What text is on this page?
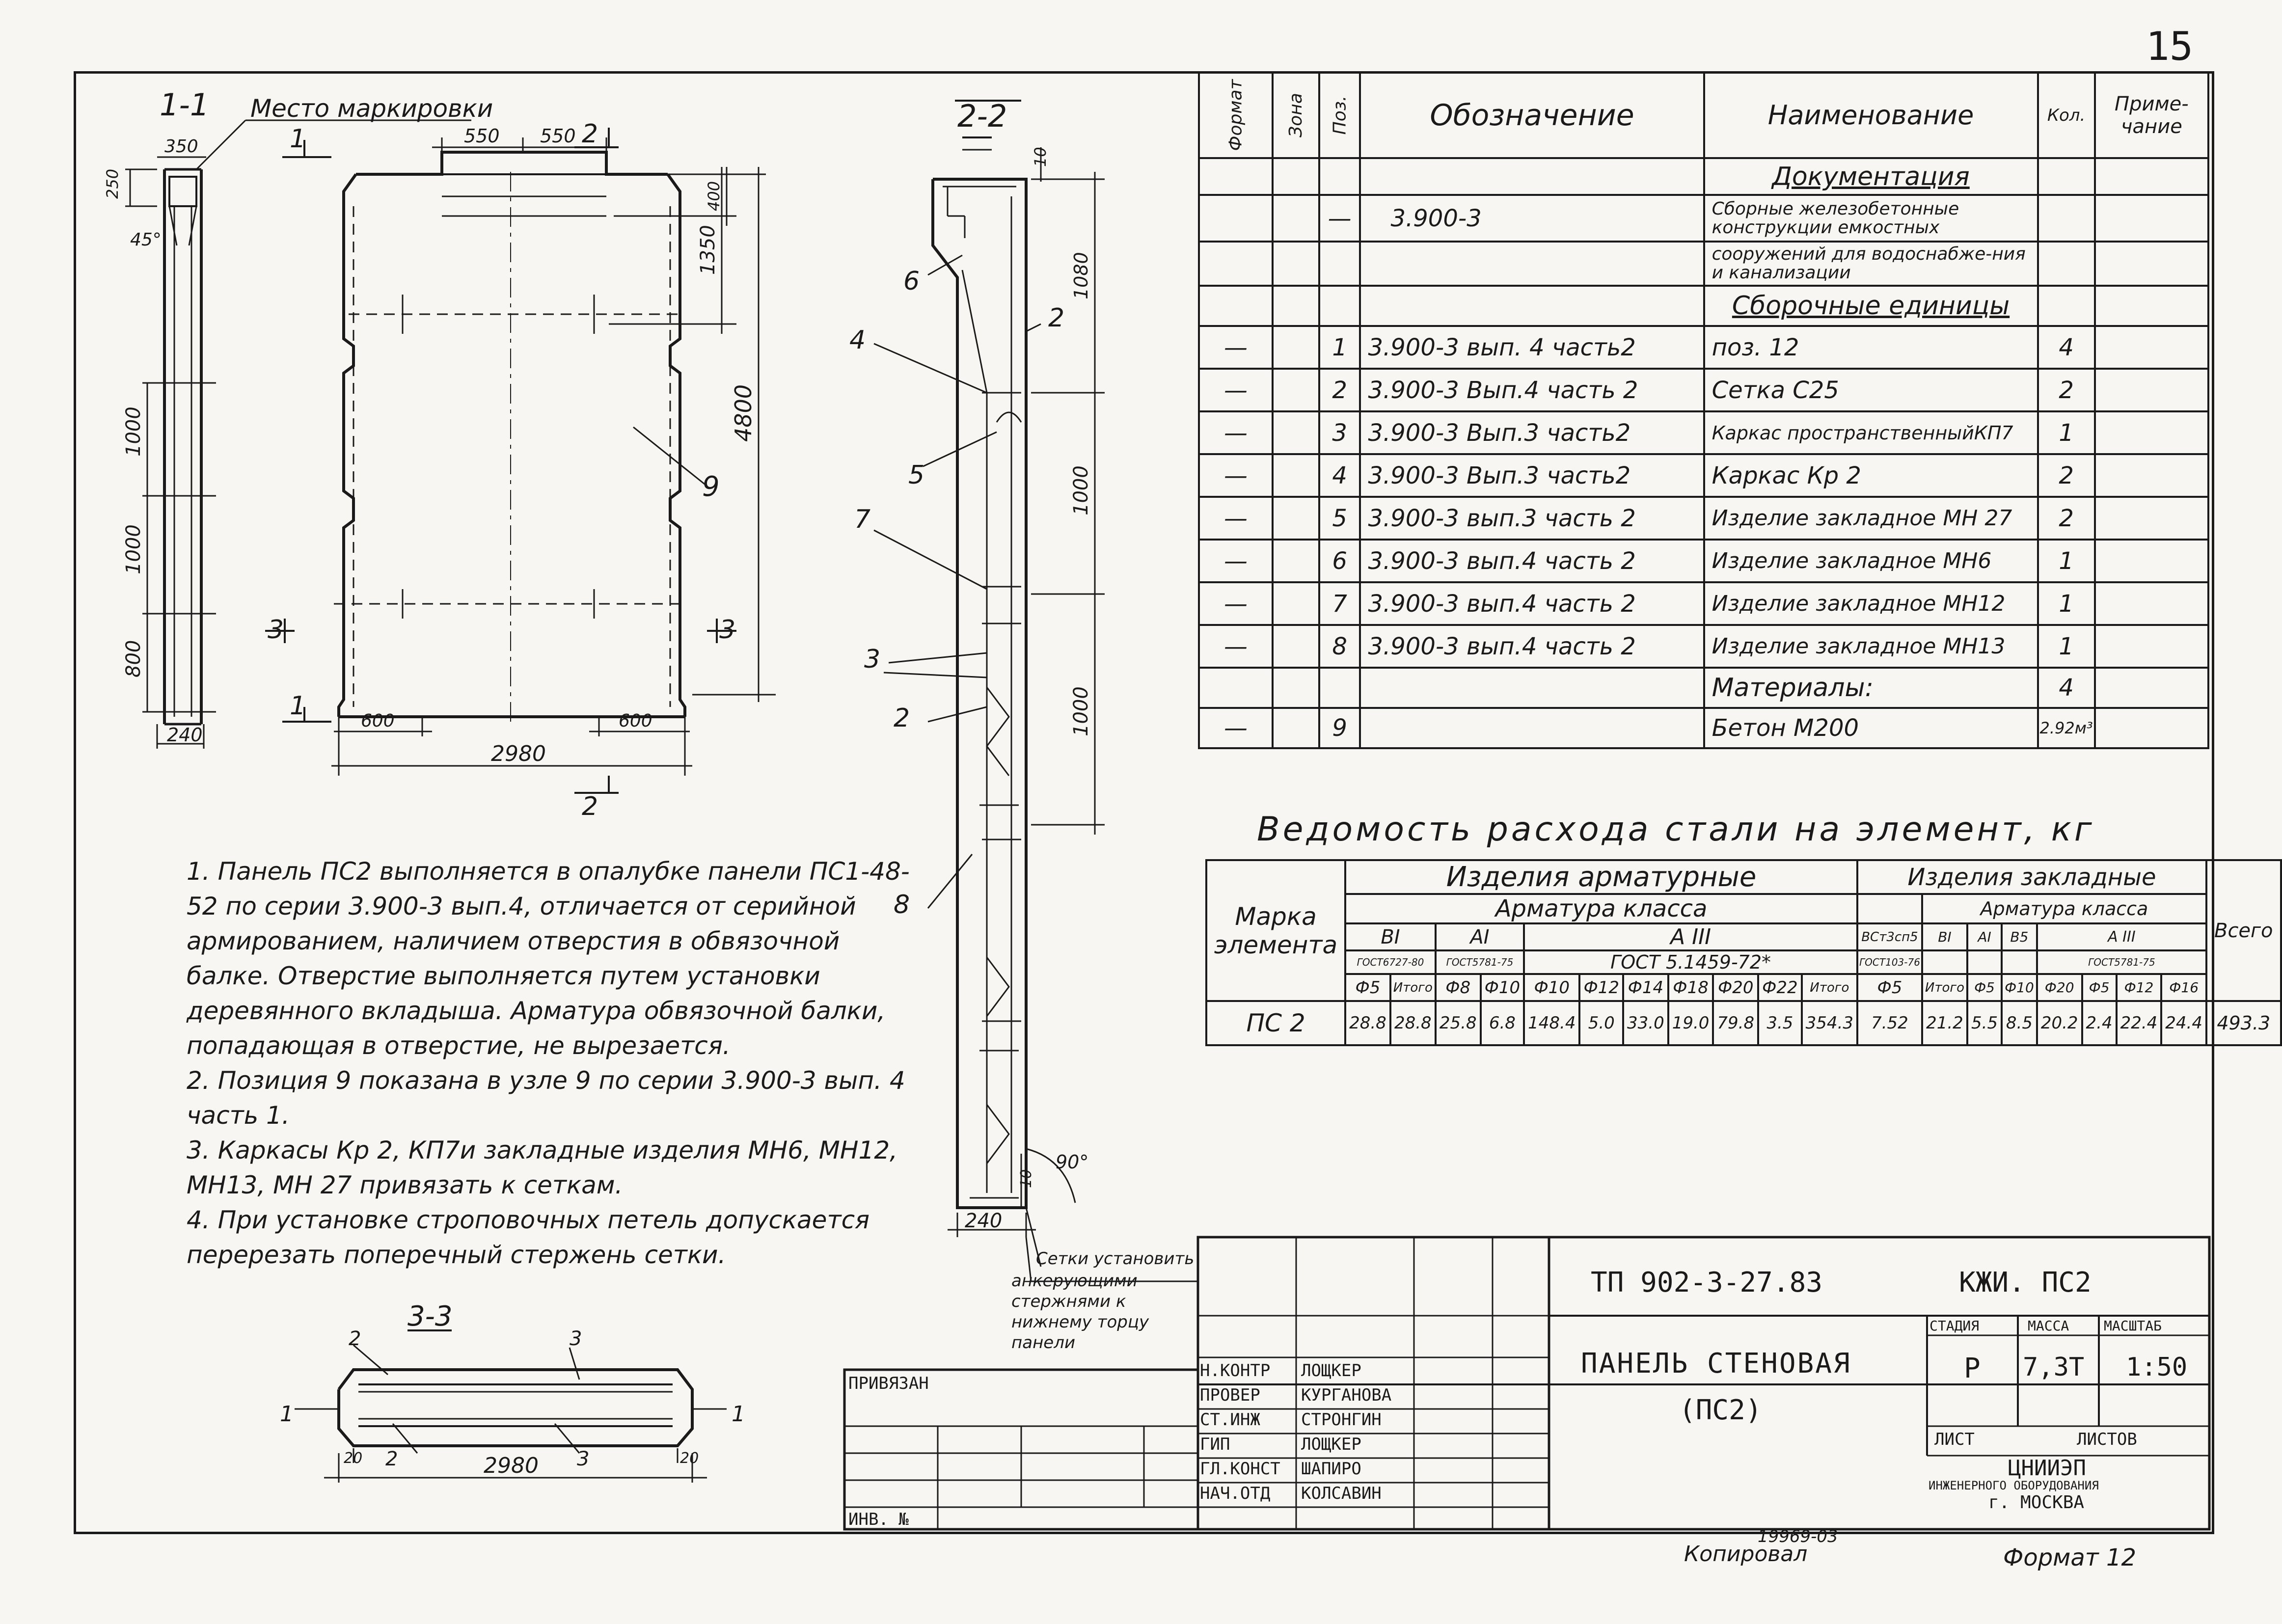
15
1-1 Место маркировки	2-2
3-3
350
250
45°
1000
1000
800
240
550 550
400
1350
4800
600	600
2980
1	2
1
2
3	3
9
10
1080
1000
1000
90°
10
240
6
4
2
5
7
3
2
8
2	3
1	1
2	3
20	20
2980
Сетки установить
анкерующими
стержнями к
нижнему торцу
панели
Формат	Зона	Поз.	Обозначение	Наименование	Кол.	Приме-чание
				Документация		
		—	3.900-3	Сборные железобетонные конструкции емкостных		
				сооружений для водоснабже-ния и канализации		
				Сборочные единицы		
—		1	3.900-3 вып. 4 часть2	поз. 12	4	
—		2	3.900-3 Вып.4 часть 2	Сетка С25	2	
—		3	3.900-3 Вып.3 часть2	Каркас пространственныйКП7	1	
—		4	3.900-3 Вып.3 часть2	Каркас Кр 2	2	
—		5	3.900-3 вып.3 часть 2	Изделие закладное МН 27	2	
—		6	3.900-3 вып.4 часть 2	Изделие закладное МН6	1	
—		7	3.900-3 вып.4 часть 2	Изделие закладное МН12	1	
—		8	3.900-3 вып.4 часть 2	Изделие закладное МН13	1	
				Материалы:	4	
—		9		Бетон М200	2.92м³	
Ведомость расхода стали на элемент, кг
Марка элемента	Изделия арматурные											Изделия закладные								Всего
	Арматура класса												Арматура класса							
	ВI		АI		А III							ВСт3сп5	ВI	АI	В5	А III				
	ГОСТ6727-80		ГОСТ5781-75		ГОСТ 5.1459-72*							ГОСТ103-76				ГОСТ5781-75				
	Ф5	Итого	Ф8	Ф10	Ф10	Ф12	Ф14	Ф18	Ф20	Ф22	Итого	Ф5	Итого	Ф5	Ф10	Ф20	Ф5	Ф12	Ф16	
ПС 2	28.8	28.8	25.8	6.8	148.4	5.0	33.0	19.0	79.8	3.5	354.3	7.52	21.2	5.5	8.5	20.2	2.4	22.4	24.4	493.3
1. Панель ПС2 выполняется в опалубке панели ПС1-48-52 по серии 3.900-3 вып.4, отличается от серийной армированием, наличием отверстия в обвязочной балке. Отверстие выполняется путем установки деревянного вкладыша. Арматура обвязочной балки, попадающая в отверстие, не вырезается.
2. Позиция 9 показана в узле 9 по серии 3.900-3 вып. 4 часть 1.
3. Каркасы Кр 2, КП7и закладные изделия МН6, МН12, МН13, МН 27 привязать к сеткам.
4. При установке строповочных петель допускается перерезать поперечный стержень сетки.
ТП 902-3-27.83	КЖИ. ПС2
ПАНЕЛЬ СТЕНОВАЯ
(ПС2)
СТАДИЯ	МАССА	МАСШТАБ
Р 7,3Т 1:50
ЛИСТ	ЛИСТОВ
ЦНИИЭП
ИНЖЕНЕРНОГО ОБОРУДОВАНИЯ
г. МОСКВА
ПРИВЯЗАН
ИНВ. №
Н.КОНТР ЛОЩКЕР
ПРОВЕР КУРГАНОВА
СТ.ИНЖ СТРОНГИН
ГИП	ЛОЩКЕР
ГЛ.КОНСТ ШАПИРО
НАЧ.ОТД КОЛСАВИН
19969-03
Копировал	Формат 12
